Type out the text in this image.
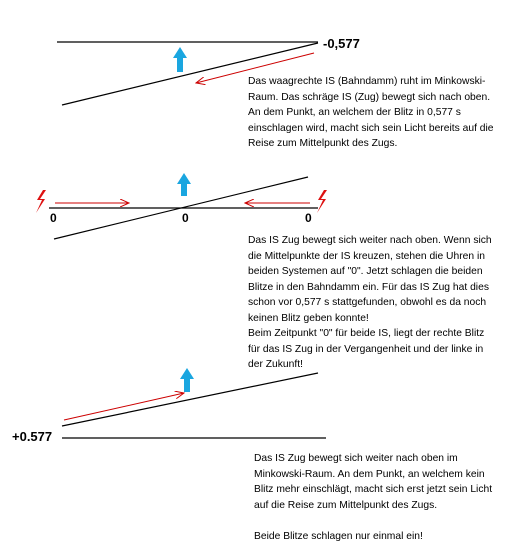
-0,577
0	0	0
+0.577
Das waagrechte IS (Bahndamm) ruht im Minkowski-
Raum. Das schräge IS (Zug) bewegt sich nach oben.
An dem Punkt, an welchem der Blitz in 0,577 s
einschlagen wird, macht sich sein Licht bereits auf die
Reise zum Mittelpunkt des Zugs.
Das IS Zug bewegt sich weiter nach oben. Wenn sich
die Mittelpunkte der IS kreuzen, stehen die Uhren in
beiden Systemen auf "0". Jetzt schlagen die beiden
Blitze in den Bahndamm ein. Für das IS Zug hat dies
schon vor 0,577 s stattgefunden, obwohl es da noch
keinen Blitz geben konnte!
Beim Zeitpunkt "0" für beide IS, liegt der rechte Blitz
für das IS Zug in der Vergangenheit und der linke in
der Zukunft!
Das IS Zug bewegt sich weiter nach oben im
Minkowski-Raum. An dem Punkt, an welchem kein
Blitz mehr einschlägt, macht sich erst jetzt sein Licht
auf die Reise zum Mittelpunkt des Zugs.

Beide Blitze schlagen nur einmal ein!
